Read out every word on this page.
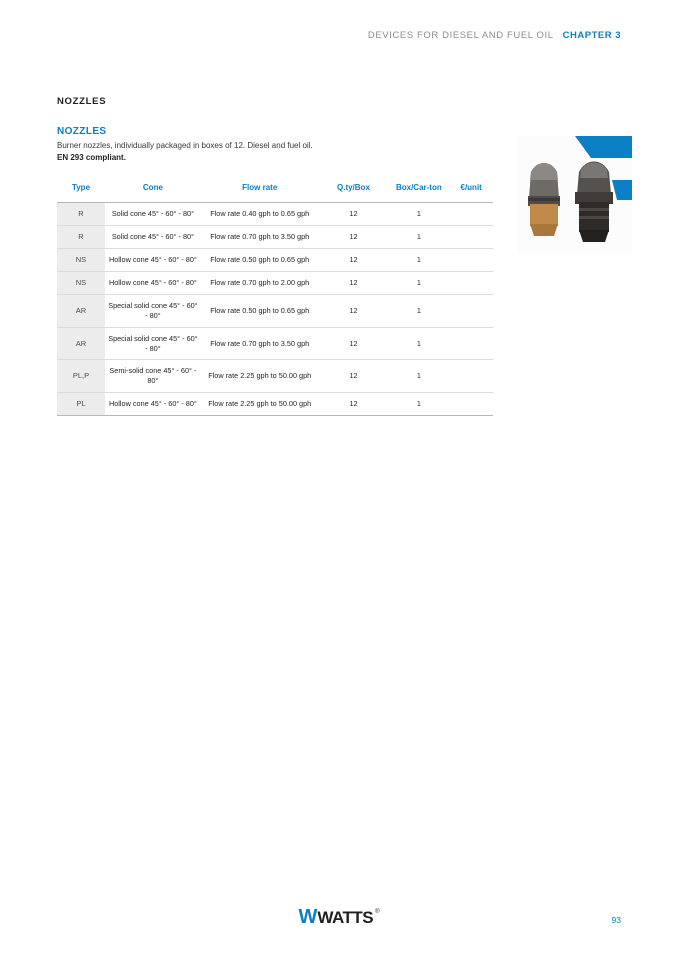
DEVICES FOR DIESEL AND FUEL OIL CHAPTER 3
NOZZLES
NOZZLES
Burner nozzles, individually packaged in boxes of 12. Diesel and fuel oil.
EN 293 compliant.
Type	Cone	Flow rate	Q.ty/Box	Box/Car-ton	€/unit
R	Solid cone 45° - 60° - 80°	Flow rate 0.40 gph to 0.65 gph	12	1	
R	Solid cone 45° - 60° - 80°	Flow rate 0.70 gph to 3.50 gph	12	1	
NS	Hollow cone 45° - 60° - 80°	Flow rate 0.50 gph to 0.65 gph	12	1	
NS	Hollow cone 45° - 60° - 80°	Flow rate 0.70 gph to 2.00 gph	12	1	
AR	Special solid cone 45° - 60° - 80°	Flow rate 0.50 gph to 0.65 gph	12	1	
AR	Special solid cone 45° - 60° - 80°	Flow rate 0.70 gph to 3.50 gph	12	1	
PL,P	Semi-solid cone 45° - 60° - 80°	Flow rate 2.25 gph to 50.00 gph	12	1	
PL	Hollow cone 45° - 60° - 80°	Flow rate 2.25 gph to 50.00 gph	12	1	
W WATTS ®
93
